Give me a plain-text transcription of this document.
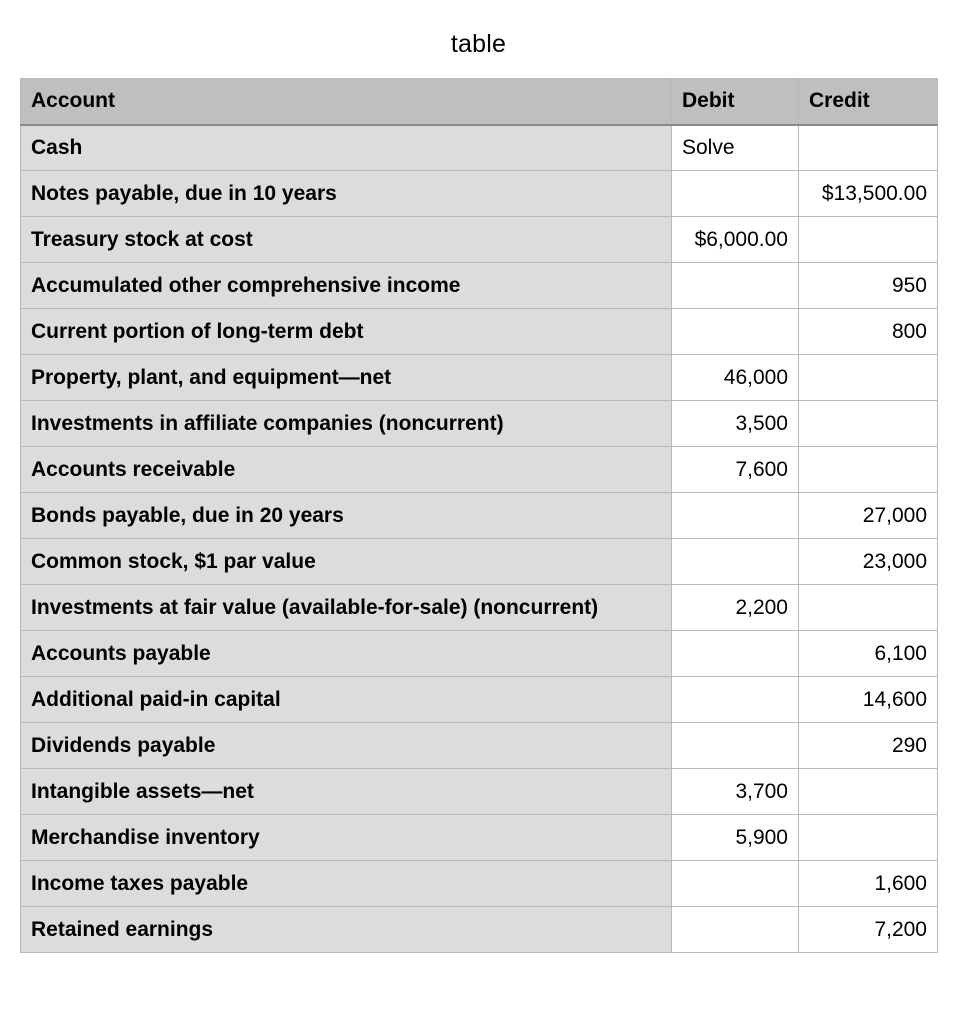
table
Account	Debit	Credit
Cash	Solve	
Notes payable, due in 10 years		$13,500.00
Treasury stock at cost	$6,000.00	
Accumulated other comprehensive income		950
Current portion of long-term debt		800
Property, plant, and equipment—net	46,000	
Investments in affiliate companies (noncurrent)	3,500	
Accounts receivable	7,600	
Bonds payable, due in 20 years		27,000
Common stock, $1 par value		23,000
Investments at fair value (available-for-sale) (noncurrent)	2,200	
Accounts payable		6,100
Additional paid-in capital		14,600
Dividends payable		290
Intangible assets—net	3,700	
Merchandise inventory	5,900	
Income taxes payable		1,600
Retained earnings		7,200
